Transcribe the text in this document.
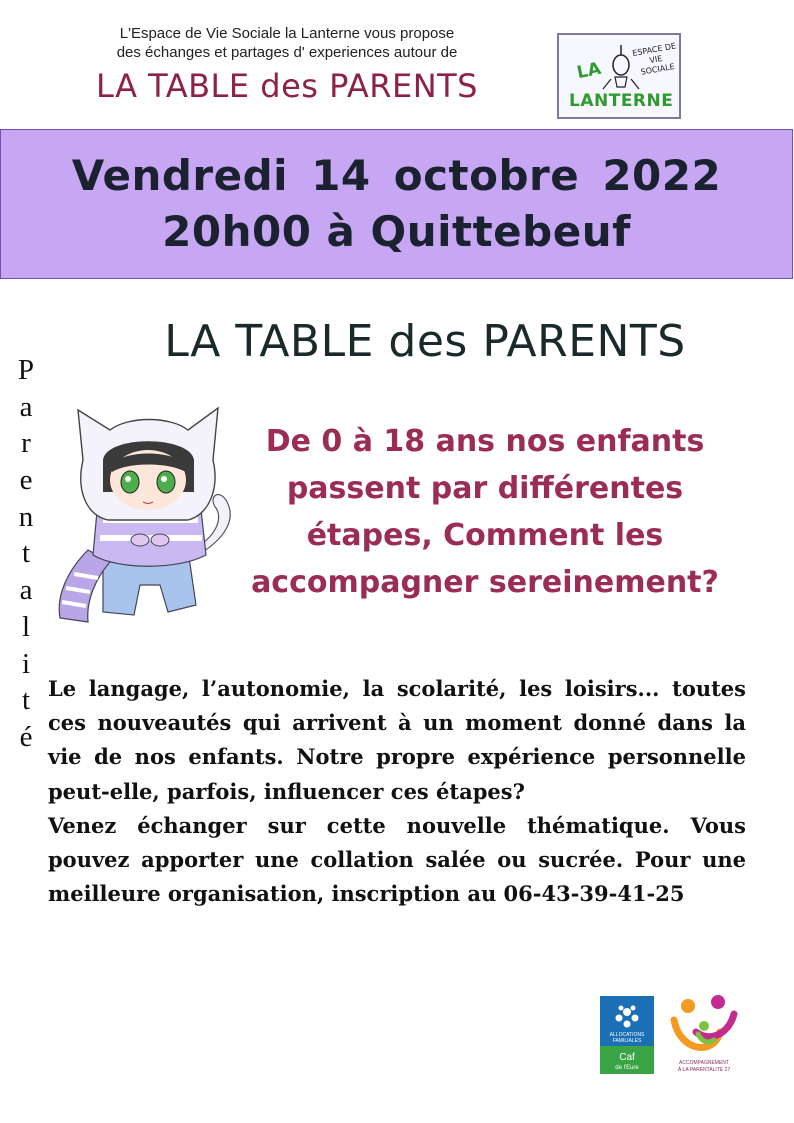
L'Espace de Vie Sociale la Lanterne vous propose
des échanges et partages d' experiences autour de
LA TABLE des PARENTS	LA
LANTERNE
ESPACE DE VIE SOCIALE
Vendredi 14 octobre 2022
20h00 à Quittebeuf
LA TABLE des PARENTS
P
a
r
e
n
t
a
l
i
t
é
De 0 à 18 ans nos enfants
passent par différentes
étapes, Comment les
accompagner sereinement?

Le langage, l’autonomie, la scolarité, les loisirs... toutes ces nouveautés qui arrivent à un moment donné dans la vie de nos enfants. Notre propre expérience personnelle peut-elle, parfois, influencer ces étapes?

Venez échanger sur cette nouvelle thématique. Vous pouvez apporter une collation salée ou sucrée. Pour une meilleure organisation, inscription au 06-43-39-41-25

ALLOCATIONS
FAMILIALES
Caf
de l'Eure
ACCOMPAGNEMENT
À LA PARENTALITÉ 27
